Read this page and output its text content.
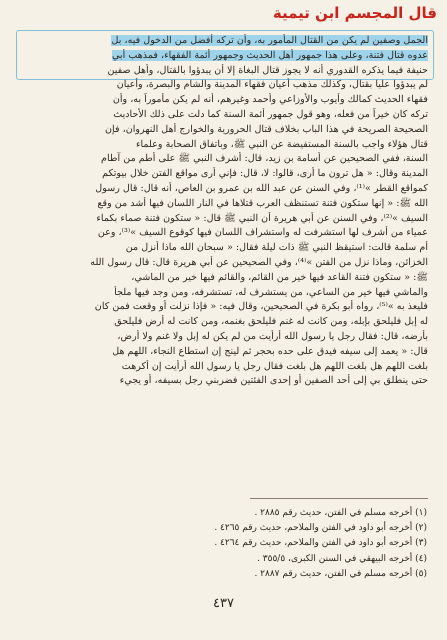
قال المجسم ابن تيمية
الجمل وصفين لم يكن من القتال المأمور به، وأن تركه أفضل من الدخول فيه، بل
عدوه قتال فتنة، وعلى هذا جمهور أهل الحديث وجمهور أئمة الفقهاء، فمذهب أبي
حنيفة فيما يذكره القدوري أنه لا يجوز قتال البغاة إلا أن يبدؤوا بالقتال، وأهل صفين
لم يبدؤوا عليا بقتال، وكذلك مذهب أعيان فقهاء المدينة والشام والبصرة، وأعيان
فقهاء الحديث كمالك وأيوب والأوزاعي وأحمد وغيرهم، أنه لم يكن مأموراً به، وأن
تركه كان خيراً من فعله، وهو قول جمهور أئمة السنة كما دلت على ذلك الأحاديث
الصحيحة الصريحة في هذا الباب بخلاف قتال الحرورية والخوارج أهل النهروان، فإن
قتال هؤلاء واجب بالسنة المستفيضة عن النبي ﷺ، وباتفاق الصحابة وعلماء
السنة، ففي الصحيحين عن أسامة بن زيد، قال: أشرف النبي ﷺ على أطم من آطام
المدينة وقال: « هل ترون ما أرى، قالوا: لا، قال: فإني أرى مواقع الفتن خلال بيوتكم
كمواقع القطر »⁽¹⁾، وفي السنن عن عبد الله بن عمرو بن العاص، أنه قال: قال رسول
الله ﷺ: « إنها ستكون فتنة تستنظف العرب قتلاها في النار اللسان فيها أشد من وقع
السيف »⁽²⁾، وفي السنن عن أبي هريرة أن النبي ﷺ قال: « ستكون فتنة صماء بكماء
عمياء من أشرف لها استشرفت له واستشراف اللسان فيها كوقوع السيف »⁽³⁾، وعن
أم سلمة قالت: استيقظ النبي ﷺ ذات ليلة فقال: « سبحان الله ماذا أنزل من
الخزائن، وماذا نزل من الفتن »⁽⁴⁾، وفي الصحيحين عن أبي هريرة قال: قال رسول الله
ﷺ: « ستكون فتنة القاعد فيها خير من القائم، والقائم فيها خير من الماشي،
والماشي فيها خير من الساعي، من يستشرف له، تستشرفه، ومن وجد فيها ملجأ
فليعذ به »⁽⁵⁾، رواه أبو بكرة في الصحيحين، وقال فيه: « فإذا نزلت أو وقعت فمن كان
له إبل فليلحق بإبله، ومن كانت له غنم فليلحق بغنمه، ومن كانت له أرض فليلحق
بأرضه، قال: فقال رجل يا رسول الله أرأيت من لم يكن له إبل ولا غنم ولا أرض،
قال: « يعمد إلى سيفه فيدق على حده بحجر ثم لينج إن استطاع النجاء، اللهم هل
بلغت اللهم هل بلغت اللهم هل بلغت فقال رجل يا رسول الله أرأيت إن أكرهت
حتى ينطلق بي إلى أحد الصفين أو إحدى الفئتين فضربني رجل بسيفه، أو يجيء
(١) أخرجه مسلم في الفتن، حديث رقم ٢٨٨٥ .
(٢) أخرجه أبو داود في الفتن والملاحم، حديث رقم ٤٢٦٥ .
(٣) أخرجه أبو داود في الفتن والملاحم، حديث رقم ٤٢٦٤ .
(٤) أخرجه البيهقي في السنن الكبرى، ٣٥٥/٥ .
(٥) أخرجه مسلم في الفتن، حديث رقم ٢٨٨٧ .
٤٣٧
